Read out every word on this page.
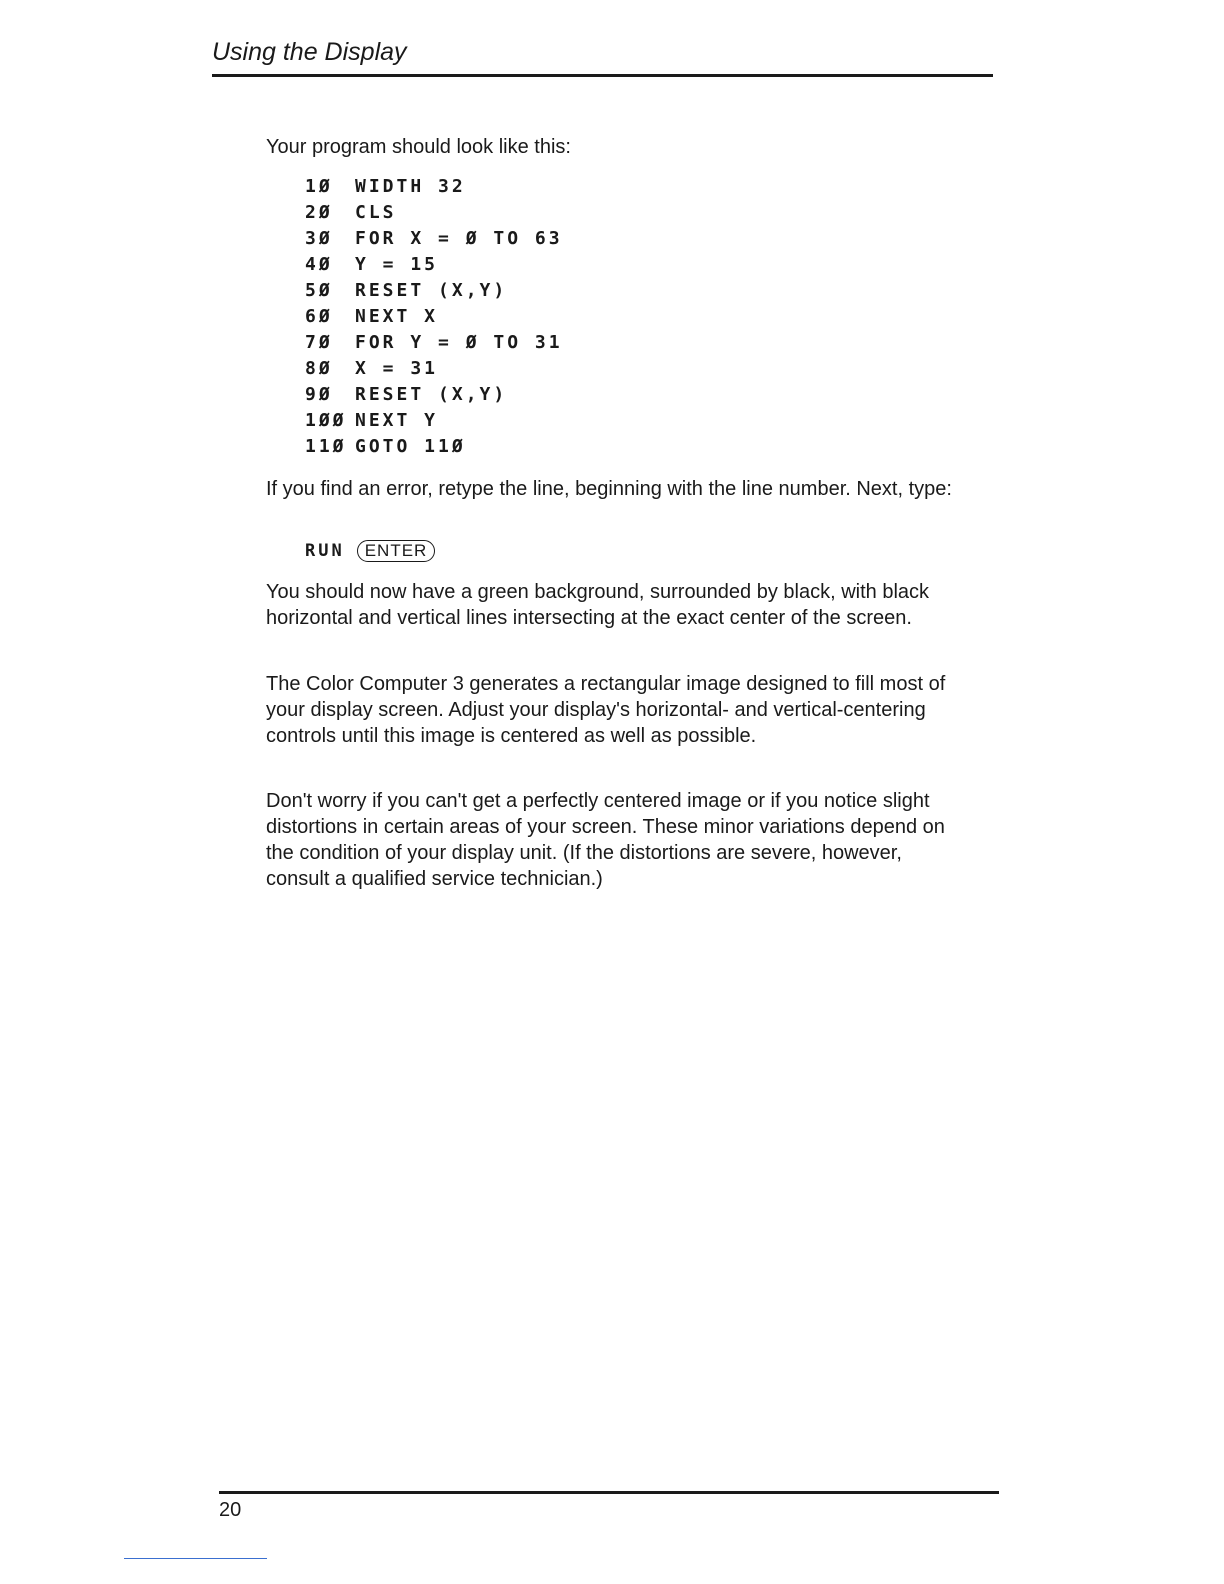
Using the Display

Your program should look like this:

1Ø	WIDTH 32
2Ø	CLS
3Ø	FOR X = Ø TO 63
4Ø	Y = 15
5Ø	RESET (X,Y)
6Ø	NEXT X
7Ø	FOR Y = Ø TO 31
8Ø	X = 31
9Ø	RESET (X,Y)
1ØØ NEXT Y
11Ø GOTO 11Ø

If you find an error, retype the line, beginning with the line number. Next, type:

RUN	ENTER

You should now have a green background, surrounded by black, with black horizontal and vertical lines intersecting at the exact center of the screen.

The Color Computer 3 generates a rectangular image designed to fill most of your display screen. Adjust your display's horizontal- and vertical-centering controls until this image is centered as well as possible.

Don't worry if you can't get a perfectly centered image or if you notice slight distortions in certain areas of your screen. These minor variations depend on the condition of your display unit. (If the distortions are severe, however, consult a qualified service technician.)

20
